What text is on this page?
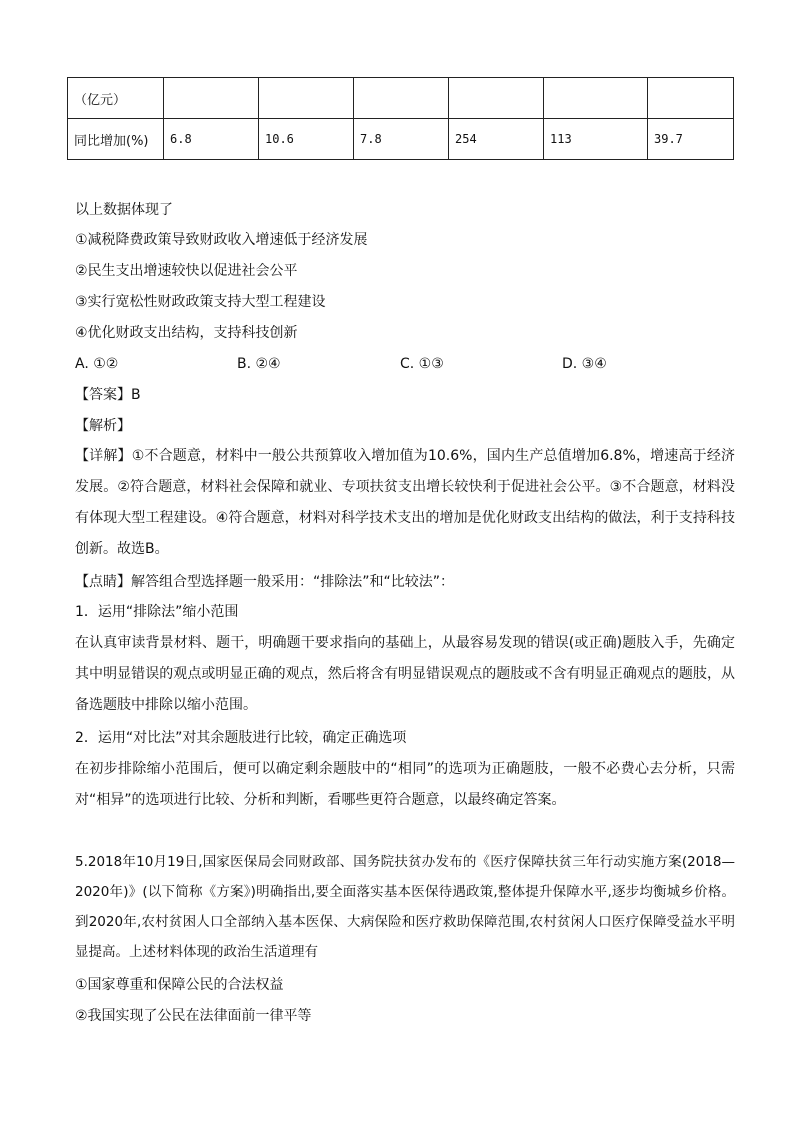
（亿元）						
同比增加(%)	6.8	10.6	7.8	254	113	39.7
以上数据体现了
①减税降费政策导致财政收入增速低于经济发展
②民生支出增速较快以促进社会公平
③实行宽松性财政政策支持大型工程建设
④优化财政支出结构，支持科技创新
A. ①②	B. ②④	C. ①③	D. ③④
【答案】B
【解析】
【详解】①不合题意，材料中一般公共预算收入增加值为10.6%，国内生产总值增加6.8%，增速高于经济发展。②符合题意，材料社会保障和就业、专项扶贫支出增长较快利于促进社会公平。③不合题意，材料没有体现大型工程建设。④符合题意，材料对科学技术支出的增加是优化财政支出结构的做法，利于支持科技创新。故选B。
【点睛】解答组合型选择题一般采用：“排除法”和“比较法”：
1．运用“排除法”缩小范围
在认真审读背景材料、题干，明确题干要求指向的基础上，从最容易发现的错误(或正确)题肢入手，先确定其中明显错误的观点或明显正确的观点，然后将含有明显错误观点的题肢或不含有明显正确观点的题肢，从备选题肢中排除以缩小范围。
2．运用“对比法”对其余题肢进行比较，确定正确选项
在初步排除缩小范围后，便可以确定剩余题肢中的“相同”的选项为正确题肢，一般不必费心去分析，只需对“相异”的选项进行比较、分析和判断，看哪些更符合题意，以最终确定答案。
5.2018年10月19日,国家医保局会同财政部、国务院扶贫办发布的《医疗保障扶贫三年行动实施方案(2018—2020年)》(以下简称《方案》)明确指出,要全面落实基本医保待遇政策,整体提升保障水平,逐步均衡城乡价格。到2020年,农村贫困人口全部纳入基本医保、大病保险和医疗救助保障范围,农村贫闲人口医疗保障受益水平明显提高。上述材料体现的政治生活道理有
①国家尊重和保障公民的合法权益
②我国实现了公民在法律面前一律平等
